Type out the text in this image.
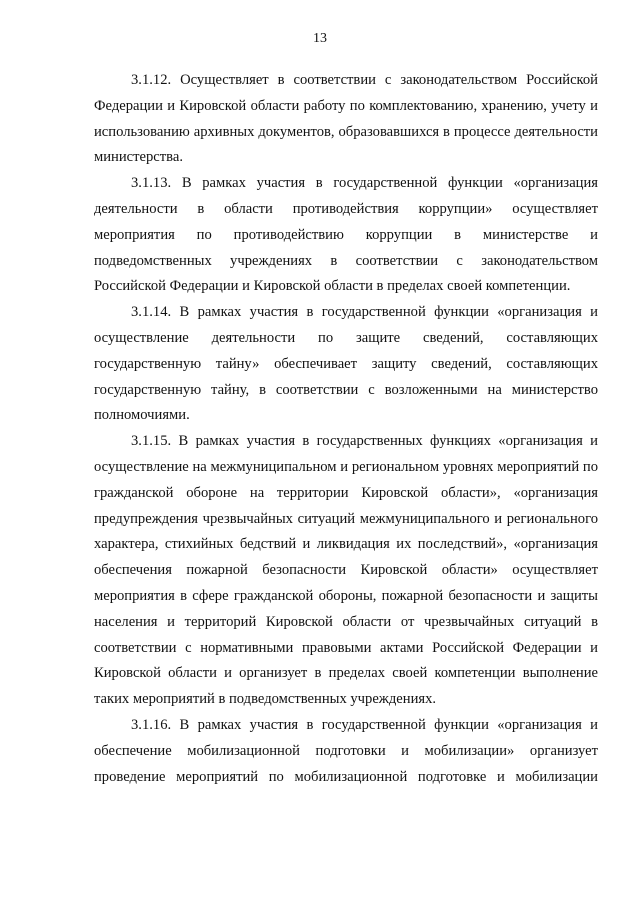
13

3.1.12. Осуществляет в соответствии с законодательством Российской Федерации и Кировской области работу по комплектованию, хранению, учету и использованию архивных документов, образовавшихся в процессе деятельности министерства.

3.1.13. В рамках участия в государственной функции «организация деятельности в области противодействия коррупции» осуществляет мероприятия по противодействию коррупции в министерстве и подведомственных учреждениях в соответствии с законодательством Российской Федерации и Кировской области в пределах своей компетенции.

3.1.14. В рамках участия в государственной функции «организация и осуществление деятельности по защите сведений, составляющих государственную тайну» обеспечивает защиту сведений, составляющих государственную тайну, в соответствии с возложенными на министерство полномочиями.

3.1.15. В рамках участия в государственных функциях «организация и осуществление на межмуниципальном и региональном уровнях мероприятий по гражданской обороне на территории Кировской области», «организация предупреждения чрезвычайных ситуаций межмуниципального и регионального характера, стихийных бедствий и ликвидация их последствий», «организация обеспечения пожарной безопасности Кировской области» осуществляет мероприятия в сфере гражданской обороны, пожарной безопасности и защиты населения и территорий Кировской области от чрезвычайных ситуаций в соответствии с нормативными правовыми актами Российской Федерации и Кировской области и организует в пределах своей компетенции выполнение таких мероприятий в подведомственных учреждениях.

3.1.16. В рамках участия в государственной функции «организация и обеспечение мобилизационной подготовки и мобилизации» организует проведение мероприятий по мобилизационной подготовке и мобилизации
